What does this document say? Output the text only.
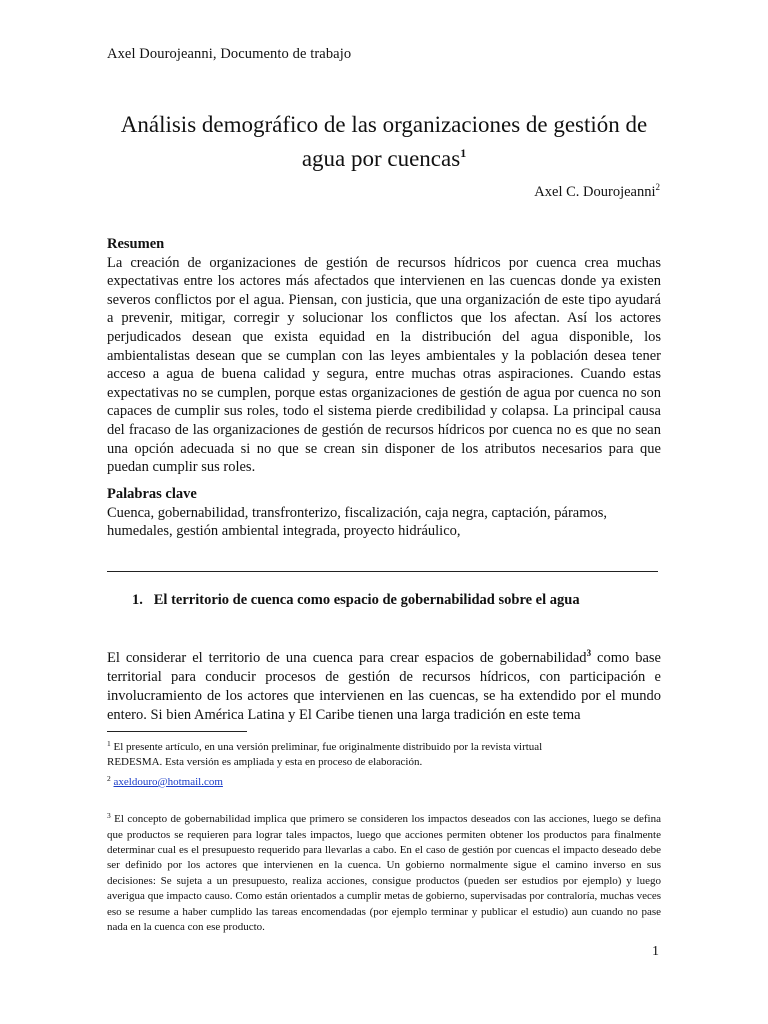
Axel Dourojeanni, Documento de trabajo
Análisis demográfico de las organizaciones de gestión de agua por cuencas$^1$
Axel C. Dourojeanni$^2$
Resumen

La creación de organizaciones de gestión de recursos hídricos por cuenca crea muchas expectativas entre los actores más afectados que intervienen en las cuencas donde ya existen severos conflictos por el agua. Piensan, con justicia, que una organización de este tipo ayudará a prevenir, mitigar, corregir y solucionar los conflictos que los afectan. Así los actores perjudicados desean que exista equidad en la distribución del agua disponible, los ambientalistas desean que se cumplan con las leyes ambientales y la población desea tener acceso a agua de buena calidad y segura, entre muchas otras aspiraciones. Cuando estas expectativas no se cumplen, porque estas organizaciones de gestión de agua por cuenca no son capaces de cumplir sus roles, todo el sistema pierde credibilidad y colapsa. La principal causa del fracaso de las organizaciones de gestión de recursos hídricos por cuenca no es que no sean una opción adecuada si no que se crean sin disponer de los atributos necesarios para que puedan cumplir sus roles.

Palabras clave
Cuenca, gobernabilidad, transfronterizo, fiscalización, caja negra, captación, páramos,
humedales, gestión ambiental integrada, proyecto hidráulico,
1. El territorio de cuenca como espacio de gobernabilidad sobre el agua

El considerar el territorio de una cuenca para crear espacios de gobernabilidad$^3$ como base territorial para conducir procesos de gestión de recursos hídricos, con participación e involucramiento de los actores que intervienen en las cuencas, se ha extendido por el mundo entero. Si bien América Latina y El Caribe tienen una larga tradición en este tema

$^1$ El presente artículo, en una versión preliminar, fue originalmente distribuido por la revista virtual

REDESMA. Esta versión es ampliada y esta en proceso de elaboración.

$^2$ axeldouro@hotmail.com

$^3$ El concepto de gobernabilidad implica que primero se consideren los impactos deseados con las acciones, luego se defina que productos se requieren para lograr tales impactos, luego que acciones permiten obtener los productos para finalmente determinar cual es el presupuesto requerido para llevarlas a cabo. En el caso de gestión por cuencas el impacto deseado debe ser definido por los actores que intervienen en la cuenca. Un gobierno normalmente sigue el camino inverso en sus decisiones: Se sujeta a un presupuesto, realiza acciones, consigue productos (pueden ser estudios por ejemplo) y luego averigua que impacto causo. Como están orientados a cumplir metas de gobierno, supervisadas por contraloría, muchas veces eso se resume a haber cumplido las tareas encomendadas (por ejemplo terminar y publicar el estudio) aun cuando no pase nada en la cuenca con ese producto.

1
